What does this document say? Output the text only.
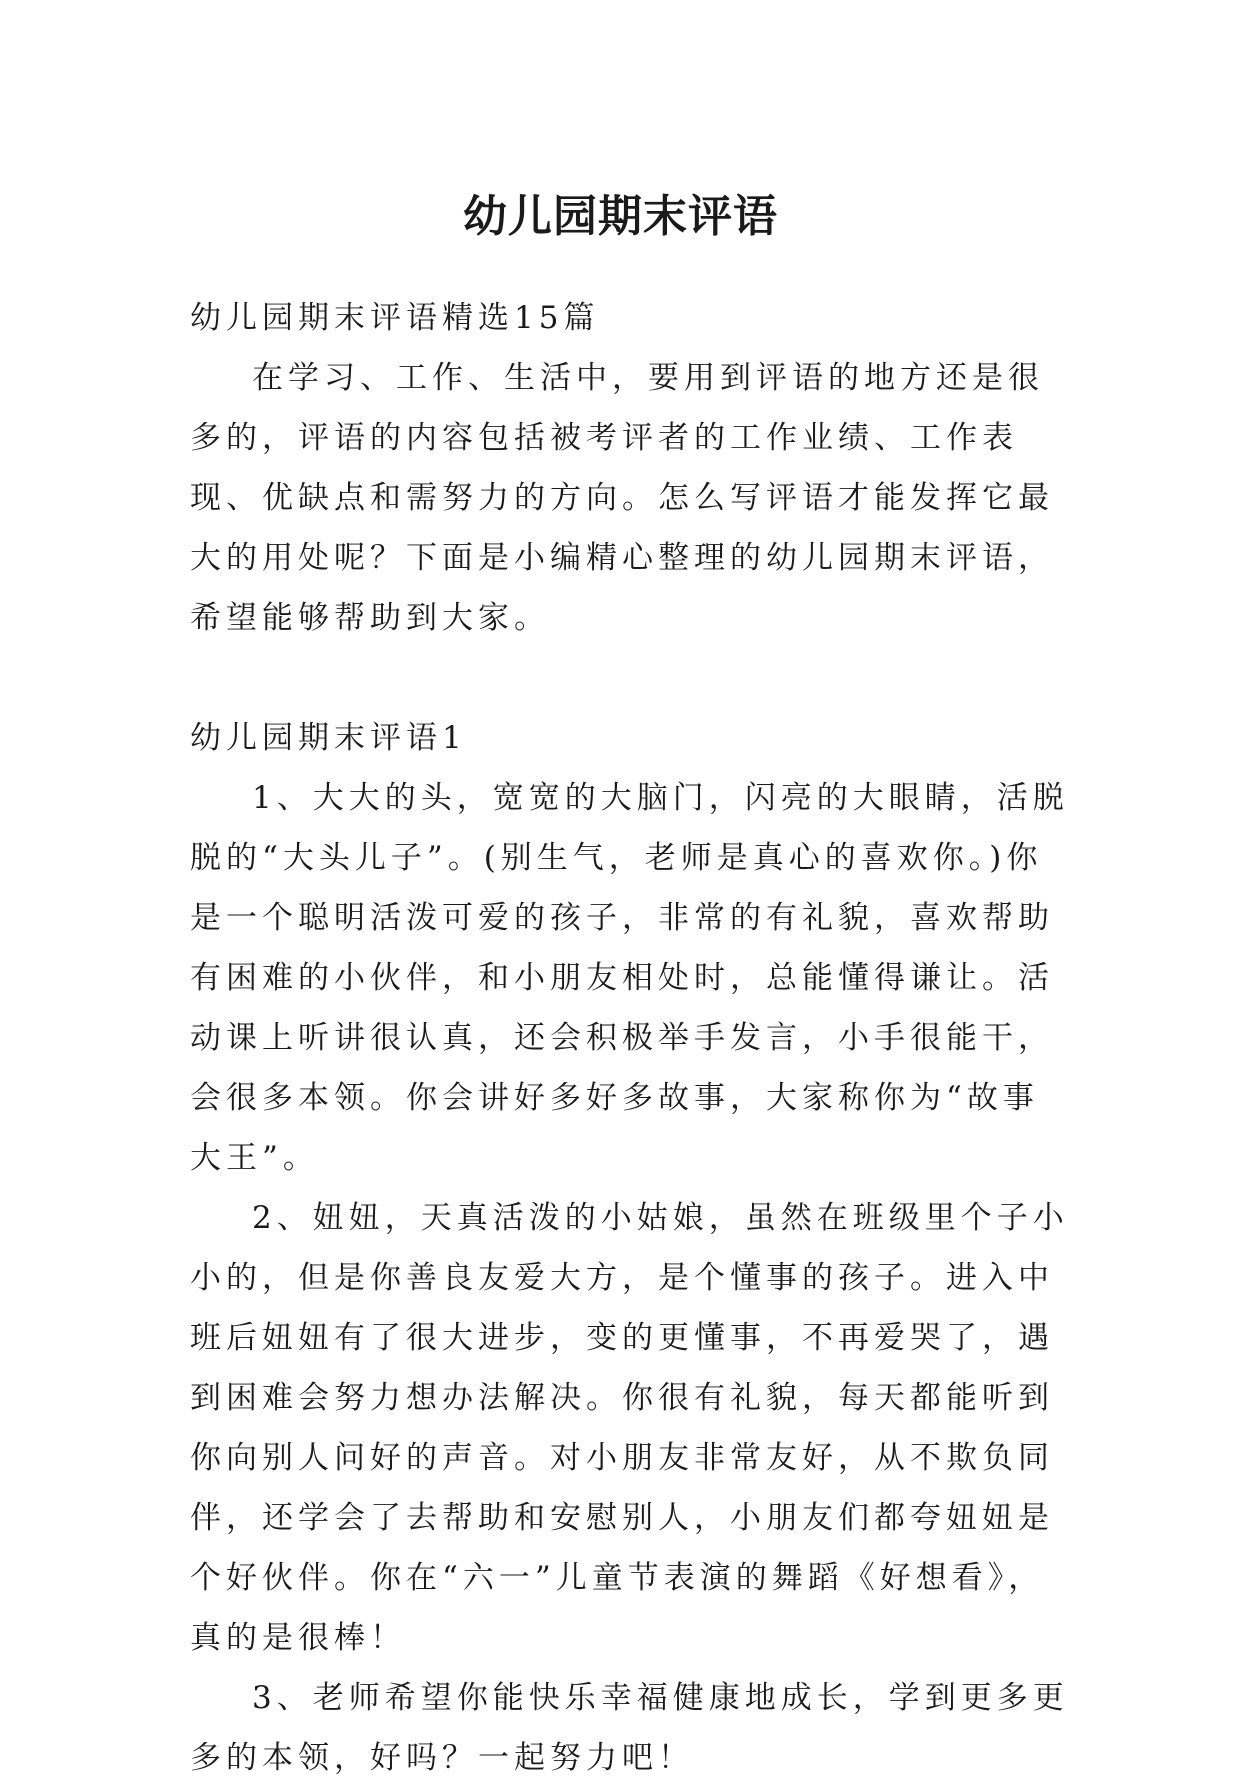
幼儿园期末评语

幼儿园期末评语精选15篇

在学习、工作、生活中，要用到评语的地方还是很多的，评语的内容包括被考评者的工作业绩、工作表现、优缺点和需努力的方向。怎么写评语才能发挥它最大的用处呢？下面是小编精心整理的幼儿园期末评语，希望能够帮助到大家。

幼儿园期末评语1

1、大大的头，宽宽的大脑门，闪亮的大眼睛，活脱脱的“大头儿子”。(别生气，老师是真心的喜欢你。)你是一个聪明活泼可爱的孩子，非常的有礼貌，喜欢帮助有困难的小伙伴，和小朋友相处时，总能懂得谦让。活动课上听讲很认真，还会积极举手发言，小手很能干，会很多本领。你会讲好多好多故事，大家称你为“故事大王”。

2、妞妞，天真活泼的小姑娘，虽然在班级里个子小小的，但是你善良友爱大方，是个懂事的孩子。进入中班后妞妞有了很大进步，变的更懂事，不再爱哭了，遇到困难会努力想办法解决。你很有礼貌，每天都能听到你向别人问好的声音。对小朋友非常友好，从不欺负同伴，还学会了去帮助和安慰别人，小朋友们都夸妞妞是个好伙伴。你在“六一”儿童节表演的舞蹈《好想看》，真的是很棒！

3、老师希望你能快乐幸福健康地成长，学到更多更多的本领，好吗？一起努力吧！
